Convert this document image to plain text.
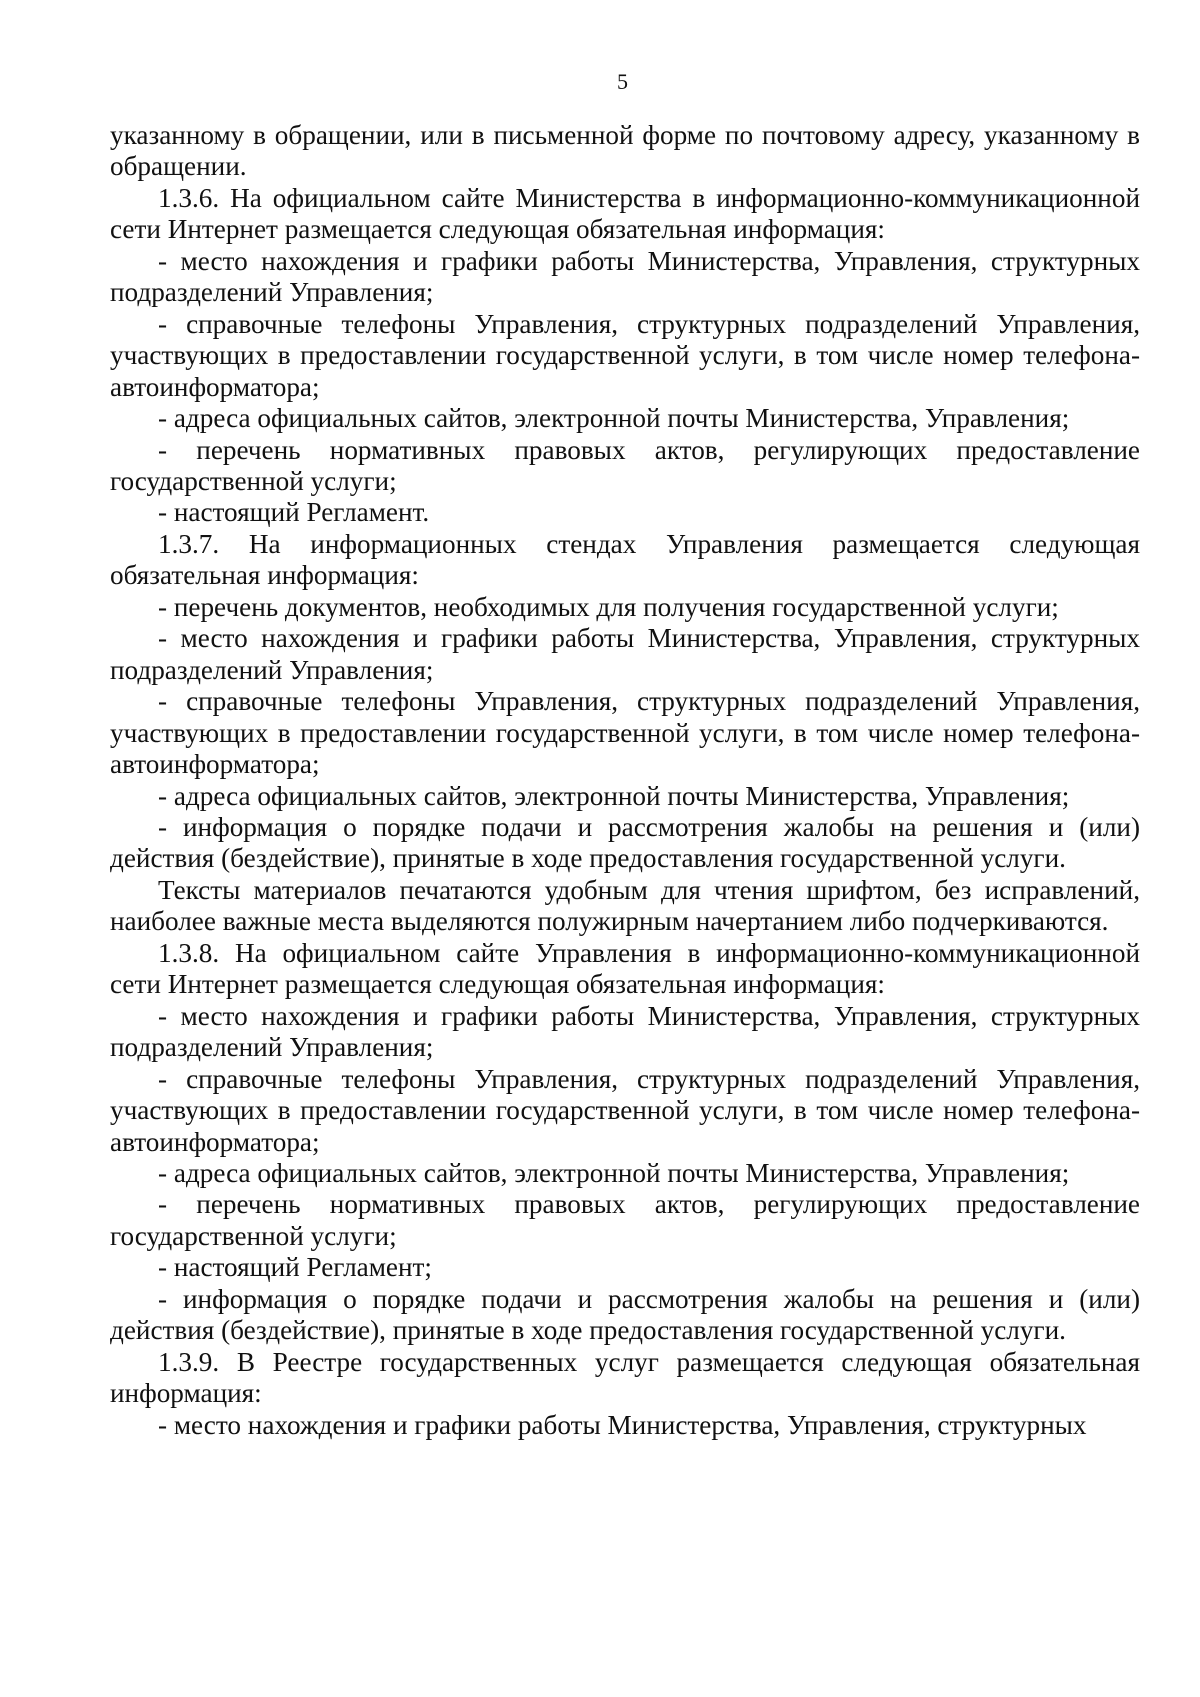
5

указанному в обращении, или в письменной форме по почтовому адресу, указанному в обращении.

1.3.6. На официальном сайте Министерства в информационно-коммуникационной сети Интернет размещается следующая обязательная информация:

- место нахождения и графики работы Министерства, Управления, структурных подразделений Управления;

- справочные телефоны Управления, структурных подразделений Управления, участвующих в предоставлении государственной услуги, в том числе номер телефона-автоинформатора;

- адреса официальных сайтов, электронной почты Министерства, Управления;

- перечень нормативных правовых актов, регулирующих предоставление государственной услуги;

- настоящий Регламент.

1.3.7. На информационных стендах Управления размещается следующая обязательная информация:

- перечень документов, необходимых для получения государственной услуги;

- место нахождения и графики работы Министерства, Управления, структурных подразделений Управления;

- справочные телефоны Управления, структурных подразделений Управления, участвующих в предоставлении государственной услуги, в том числе номер телефона-автоинформатора;

- адреса официальных сайтов, электронной почты Министерства, Управления;

- информация о порядке подачи и рассмотрения жалобы на решения и (или) действия (бездействие), принятые в ходе предоставления государственной услуги.

Тексты материалов печатаются удобным для чтения шрифтом, без исправлений, наиболее важные места выделяются полужирным начертанием либо подчеркиваются.

1.3.8. На официальном сайте Управления в информационно-коммуникационной сети Интернет размещается следующая обязательная информация:

- место нахождения и графики работы Министерства, Управления, структурных подразделений Управления;

- справочные телефоны Управления, структурных подразделений Управления, участвующих в предоставлении государственной услуги, в том числе номер телефона-автоинформатора;

- адреса официальных сайтов, электронной почты Министерства, Управления;

- перечень нормативных правовых актов, регулирующих предоставление государственной услуги;

- настоящий Регламент;

- информация о порядке подачи и рассмотрения жалобы на решения и (или) действия (бездействие), принятые в ходе предоставления государственной услуги.

1.3.9. В Реестре государственных услуг размещается следующая обязательная информация:

- место нахождения и графики работы Министерства, Управления, структурных
